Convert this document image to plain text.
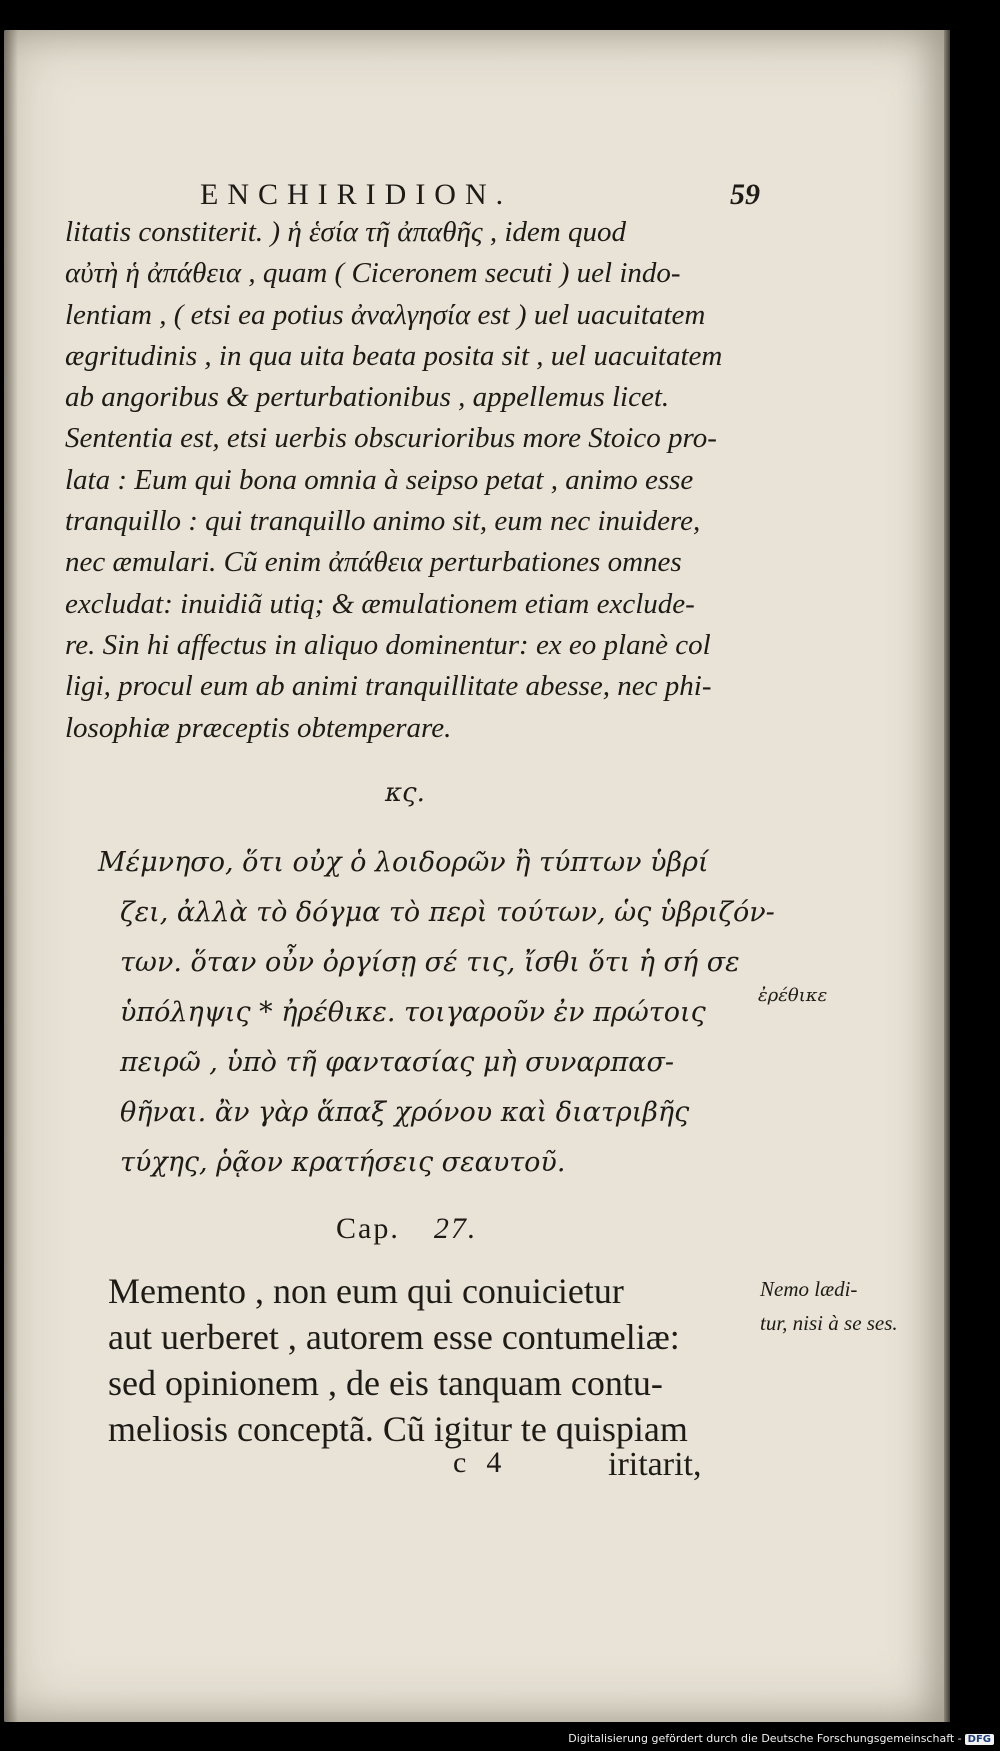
ENCHIRIDION.	59
litatis constiterit. ) ἡ ἑσία τῆ ἀπαθῆς , idem quod
αὐτὴ ἡ ἀπάθεια , quam ( Ciceronem secuti ) uel indo-
lentiam , ( etsi ea potius ἀναλγησία est ) uel uacuitatem
ægritudinis , in qua uita beata posita sit , uel uacuitatem
ab angoribus & perturbationibus , appellemus licet.
Sententia est, etsi uerbis obscurioribus more Stoico pro-
lata : Eum qui bona omnia à seipso petat , animo esse
tranquillo : qui tranquillo animo sit, eum nec inuidere,
nec æmulari. Cũ enim ἀπάθεια perturbationes omnes
excludat: inuidiã utiq; & æmulationem etiam exclude-
re. Sin hi affectus in aliquo dominentur: ex eo planè col
ligi, procul eum ab animi tranquillitate abesse, nec phi-
losophiæ præceptis obtemperare.
κς.
Μέμνησο, ὅτι οὐχ ὁ λοιδορῶν ἢ τύπτων ὑβρί
ζει, ἀλλὰ τὸ δόγμα τὸ περὶ τούτων, ὡς ὑβριζόν-
των. ὅταν οὖν ὀργίσῃ σέ τις, ἴσθι ὅτι ἡ σή σε
ὑπόληψις * ἠρέθικε. τοιγαροῦν ἐν πρώτοις
πειρῶ , ὑπὸ τῆ φαντασίας μὴ συναρπασ-
θῆναι. ἂν γὰρ ἅπαξ χρόνου καὶ διατριβῆς
τύχης, ῥᾷον κρατήσεις σεαυτοῦ.
ἐρέθικε
Cap. 27.
Memento , non eum qui conuicietur
aut uerberet , autorem esse contumeliæ:
sed opinionem , de eis tanquam contu-
meliosis conceptã. Cũ igitur te quispiam
Nemo lædi-
tur, nisi à se ses.
c 4	iritarit,
Digitalisierung gefördert durch die Deutsche Forschungsgemeinschaft - DFG
